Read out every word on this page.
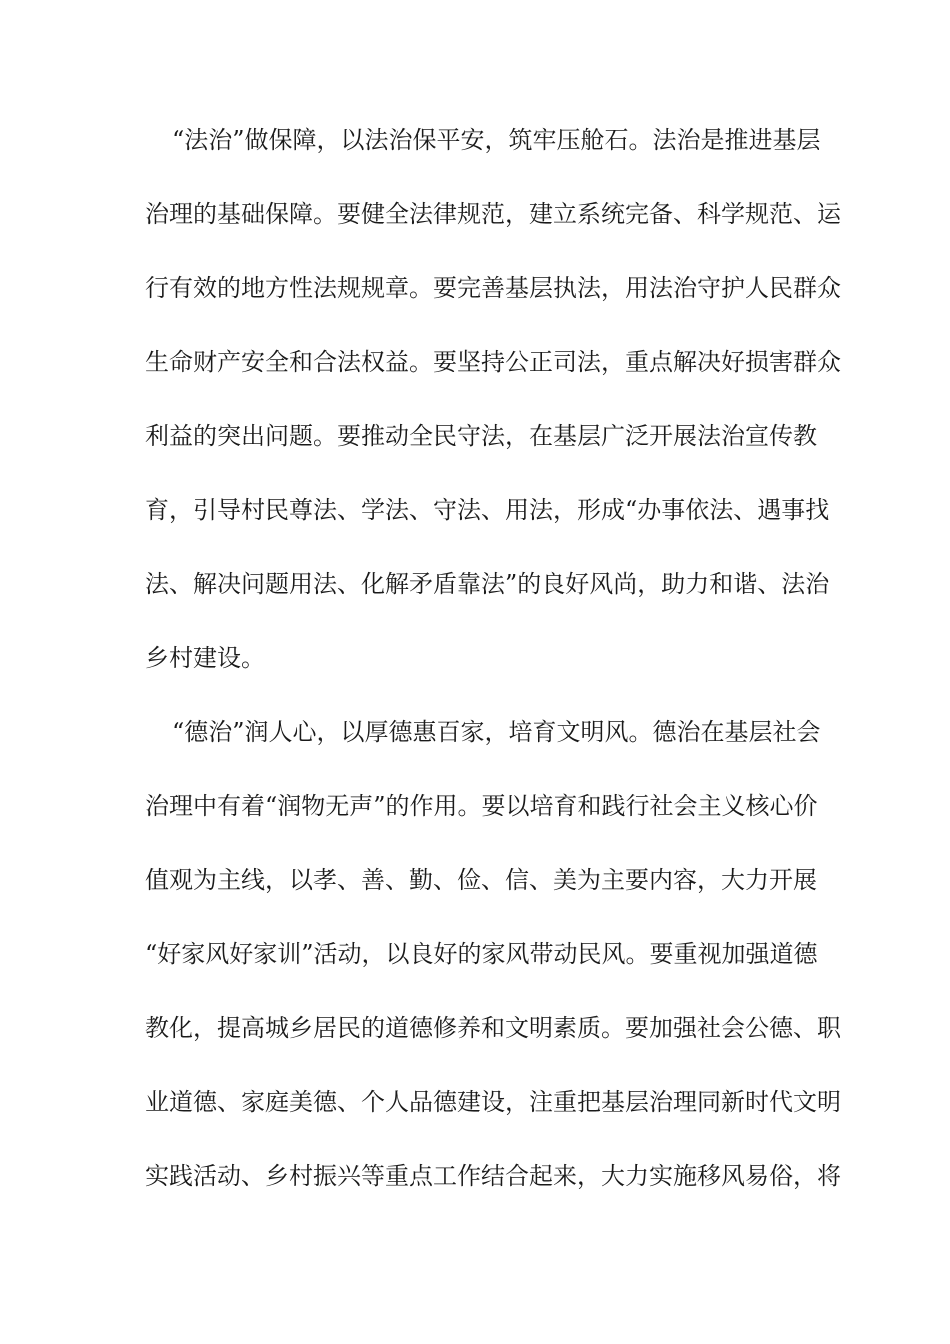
“法治”做保障，以法治保平安，筑牢压舱石。法治是推进基层
治理的基础保障。要健全法律规范，建立系统完备、科学规范、运
行有效的地方性法规规章。要完善基层执法，用法治守护人民群众
生命财产安全和合法权益。要坚持公正司法，重点解决好损害群众
利益的突出问题。要推动全民守法，在基层广泛开展法治宣传教
育，引导村民尊法、学法、守法、用法，形成“办事依法、遇事找
法、解决问题用法、化解矛盾靠法”的良好风尚，助力和谐、法治
乡村建设。
“德治”润人心，以厚德惠百家，培育文明风。德治在基层社会
治理中有着“润物无声”的作用。要以培育和践行社会主义核心价
值观为主线，以孝、善、勤、俭、信、美为主要内容，大力开展
“好家风好家训”活动，以良好的家风带动民风。要重视加强道德
教化，提高城乡居民的道德修养和文明素质。要加强社会公德、职
业道德、家庭美德、个人品德建设，注重把基层治理同新时代文明
实践活动、乡村振兴等重点工作结合起来，大力实施移风易俗，将
